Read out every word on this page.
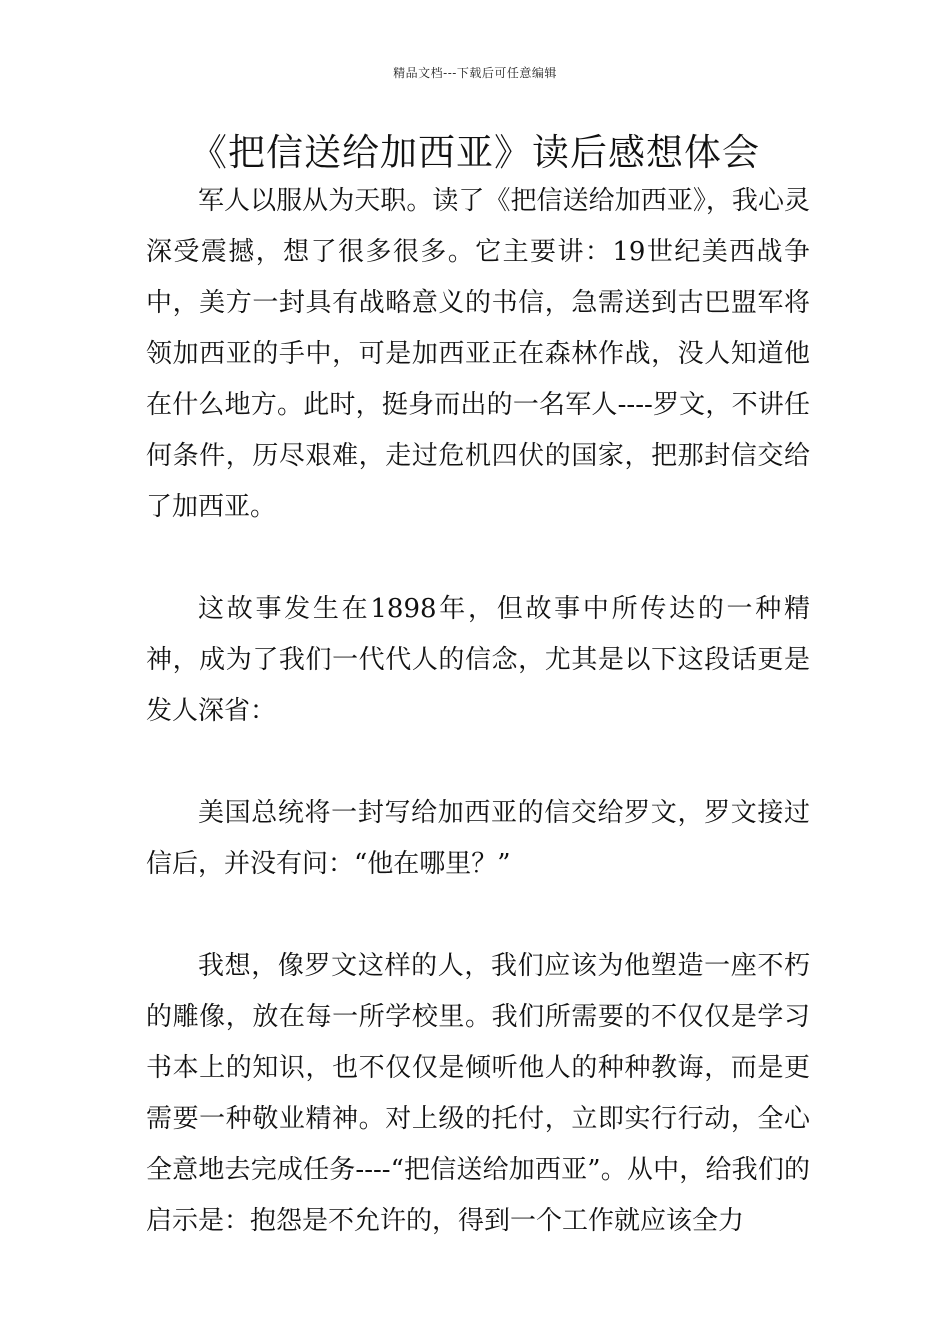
精品文档---下载后可任意编辑
《把信送给加西亚》读后感想体会

军人以服从为天职。读了《把信送给加西亚》，我心灵深受震撼，想了很多很多。它主要讲：19世纪美西战争中，美方一封具有战略意义的书信，急需送到古巴盟军将领加西亚的手中，可是加西亚正在森林作战，没人知道他在什么地方。此时，挺身而出的一名军人----罗文，不讲任何条件，历尽艰难，走过危机四伏的国家，把那封信交给了加西亚。

这故事发生在1898年，但故事中所传达的一种精神，成为了我们一代代人的信念，尤其是以下这段话更是发人深省：

美国总统将一封写给加西亚的信交给罗文，罗文接过信后，并没有问：“他在哪里？”

我想，像罗文这样的人，我们应该为他塑造一座不朽的雕像，放在每一所学校里。我们所需要的不仅仅是学习书本上的知识，也不仅仅是倾听他人的种种教诲，而是更需要一种敬业精神。对上级的托付，立即实行行动，全心全意地去完成任务----“把信送给加西亚”。从中，给我们的启示是：抱怨是不允许的，得到一个工作就应该全力
